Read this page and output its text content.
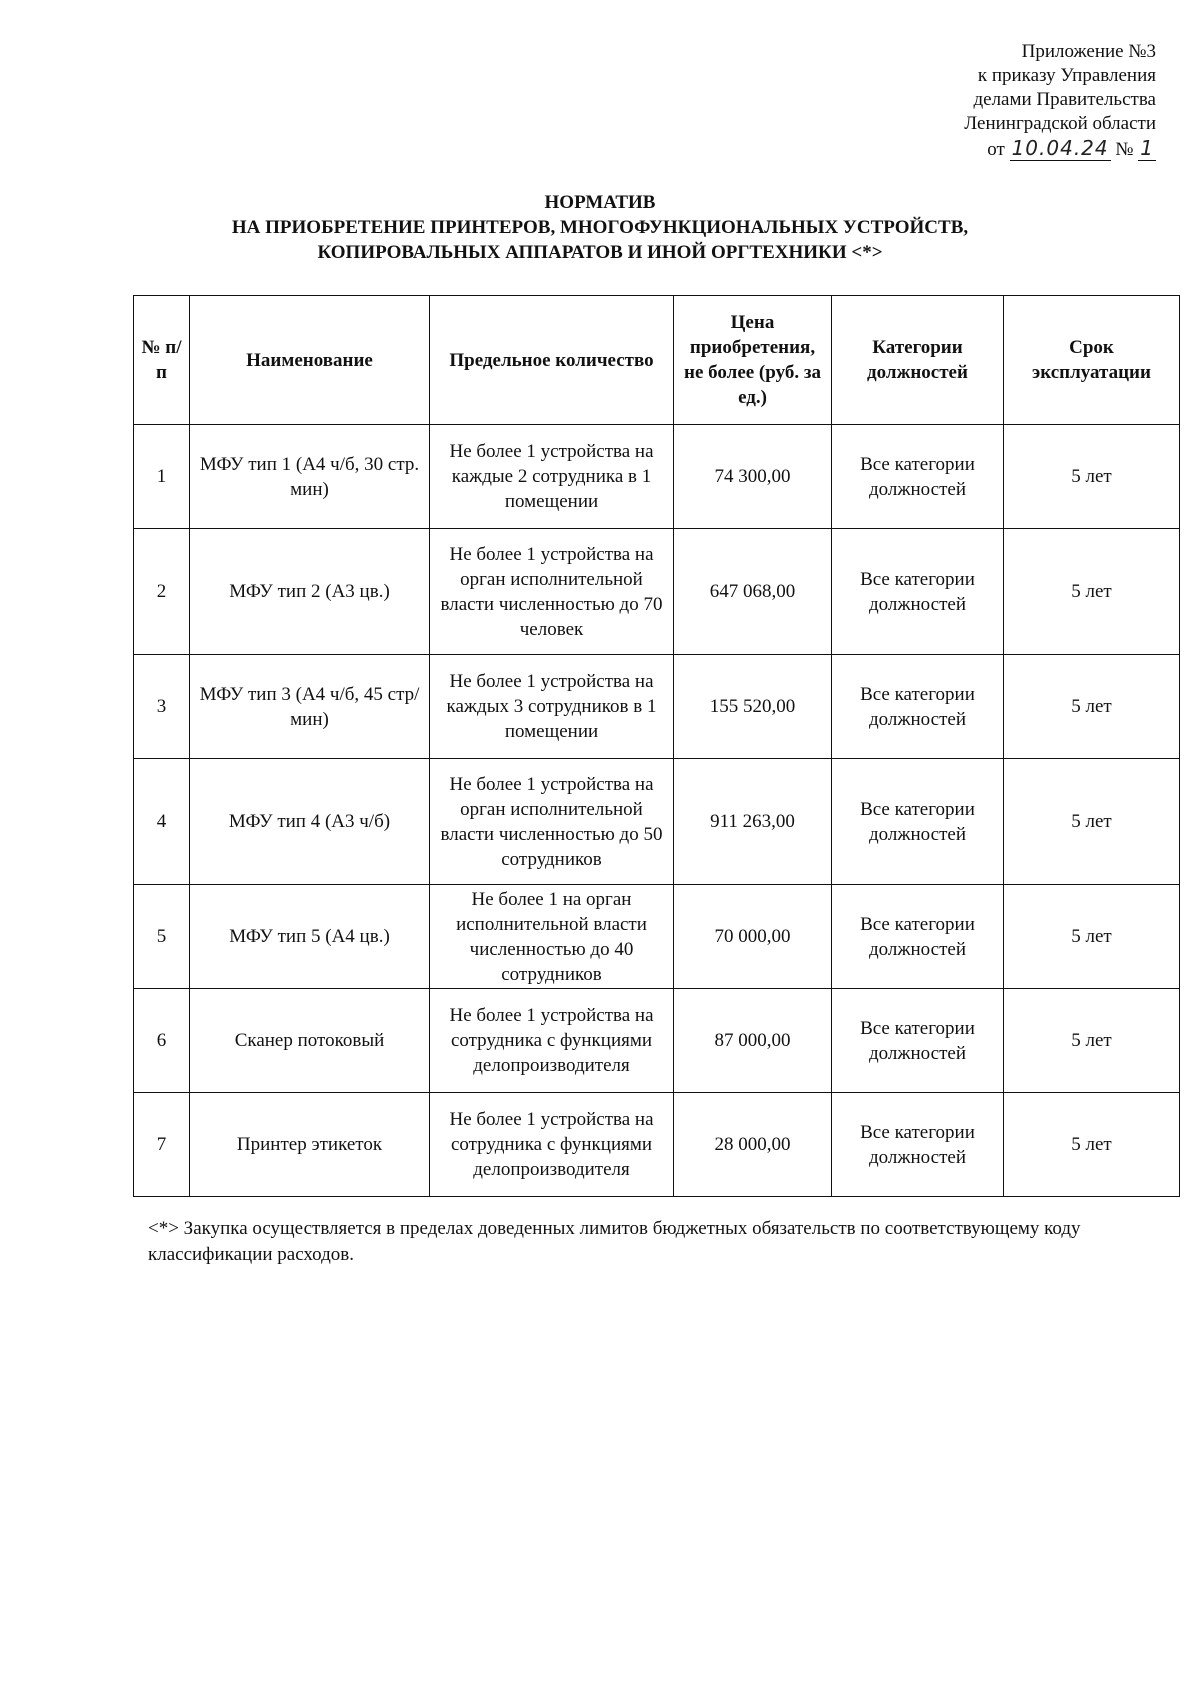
Приложение №3
к приказу Управления
делами Правительства
Ленинградской области
от 10.04.24 № 1
НОРМАТИВ
НА ПРИОБРЕТЕНИЕ ПРИНТЕРОВ, МНОГОФУНКЦИОНАЛЬНЫХ УСТРОЙСТВ,
КОПИРОВАЛЬНЫХ АППАРАТОВ И ИНОЙ ОРГТЕХНИКИ <*>
№ п/п	Наименование	Предельное количество	Цена приобретения, не более (руб. за ед.)	Категории должностей	Срок эксплуатации
1	МФУ тип 1 (А4 ч/б, 30 стр. мин)	Не более 1 устройства на каждые 2 сотрудника в 1 помещении	74 300,00	Все категории должностей	5 лет
2	МФУ тип 2 (А3 цв.)	Не более 1 устройства на орган исполнительной власти численностью до 70 человек	647 068,00	Все категории должностей	5 лет
3	МФУ тип 3 (А4 ч/б, 45 стр/мин)	Не более 1 устройства на каждых 3 сотрудников в 1 помещении	155 520,00	Все категории должностей	5 лет
4	МФУ тип 4 (А3 ч/б)	Не более 1 устройства на орган исполнительной власти численностью до 50 сотрудников	911 263,00	Все категории должностей	5 лет
5	МФУ тип 5 (А4 цв.)	Не более 1 на орган исполнительной власти численностью до 40 сотрудников	70 000,00	Все категории должностей	5 лет
6	Сканер потоковый	Не более 1 устройства на сотрудника с функциями делопроизводителя	87 000,00	Все категории должностей	5 лет
7	Принтер этикеток	Не более 1 устройства на сотрудника с функциями делопроизводителя	28 000,00	Все категории должностей	5 лет
<*> Закупка осуществляется в пределах доведенных лимитов бюджетных обязательств по соответствующему коду классификации расходов.
